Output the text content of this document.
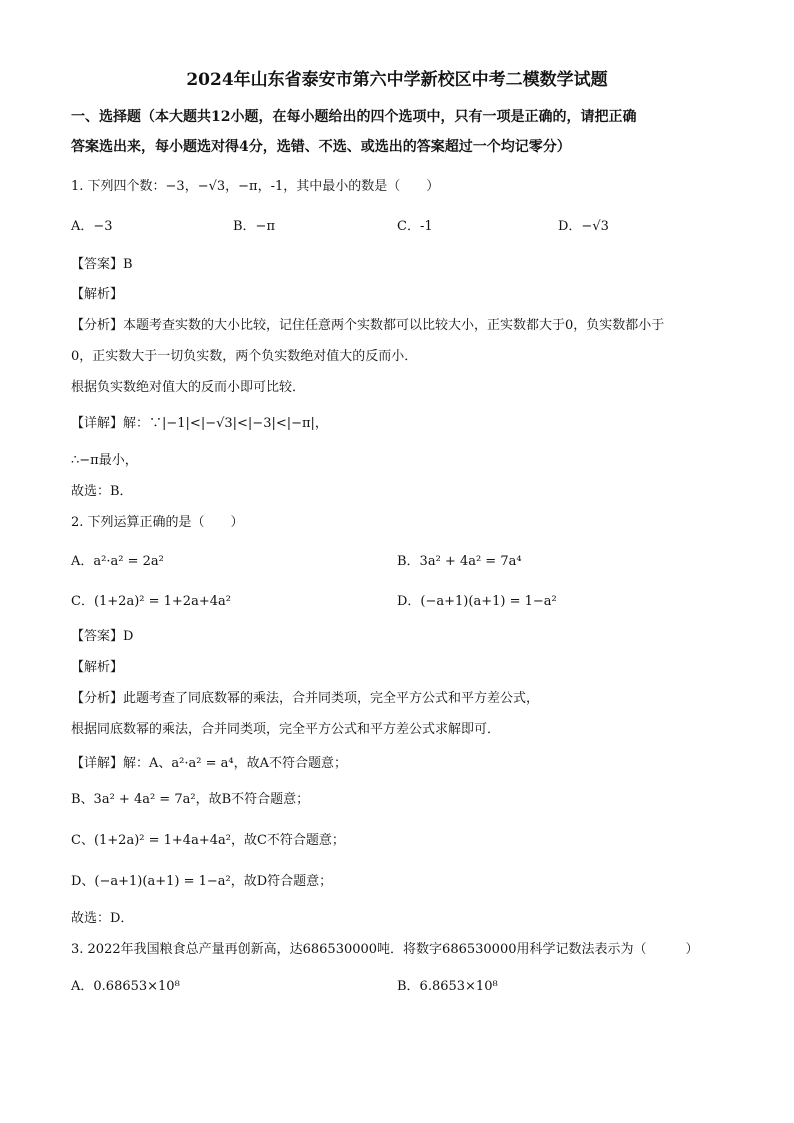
2024年山东省泰安市第六中学新校区中考二模数学试题
一、选择题（本大题共12小题，在每小题给出的四个选项中，只有一项是正确的，请把正确
答案选出来，每小题选对得4分，选错、不选、或选出的答案超过一个均记零分）
1. 下列四个数：−3，−√3，−π，-1，其中最小的数是（　　）
A．−3	B．−π	C．-1	D．−√3
【答案】B
【解析】
【分析】本题考查实数的大小比较，记住任意两个实数都可以比较大小，正实数都大于0，负实数都小于
0，正实数大于一切负实数，两个负实数绝对值大的反而小．
根据负实数绝对值大的反而小即可比较．
【详解】解：∵|−1|<|−√3|<|−3|<|−π|，
∴−π最小，
故选：B．
2. 下列运算正确的是（　　）
A．a²·a² = 2a²	B．3a² + 4a² = 7a⁴
C．(1+2a)² = 1+2a+4a²	D．(−a+1)(a+1) = 1−a²
【答案】D
【解析】
【分析】此题考查了同底数幂的乘法，合并同类项，完全平方公式和平方差公式，
根据同底数幂的乘法，合并同类项，完全平方公式和平方差公式求解即可．
【详解】解：A、a²·a² = a⁴，故A不符合题意；
B、3a² + 4a² = 7a²，故B不符合题意；
C、(1+2a)² = 1+4a+4a²，故C不符合题意；
D、(−a+1)(a+1) = 1−a²，故D符合题意；
故选：D．
3. 2022年我国粮食总产量再创新高，达686530000吨．将数字686530000用科学记数法表示为（　　　）
A．0.68653×10⁸	B．6.8653×10⁸
